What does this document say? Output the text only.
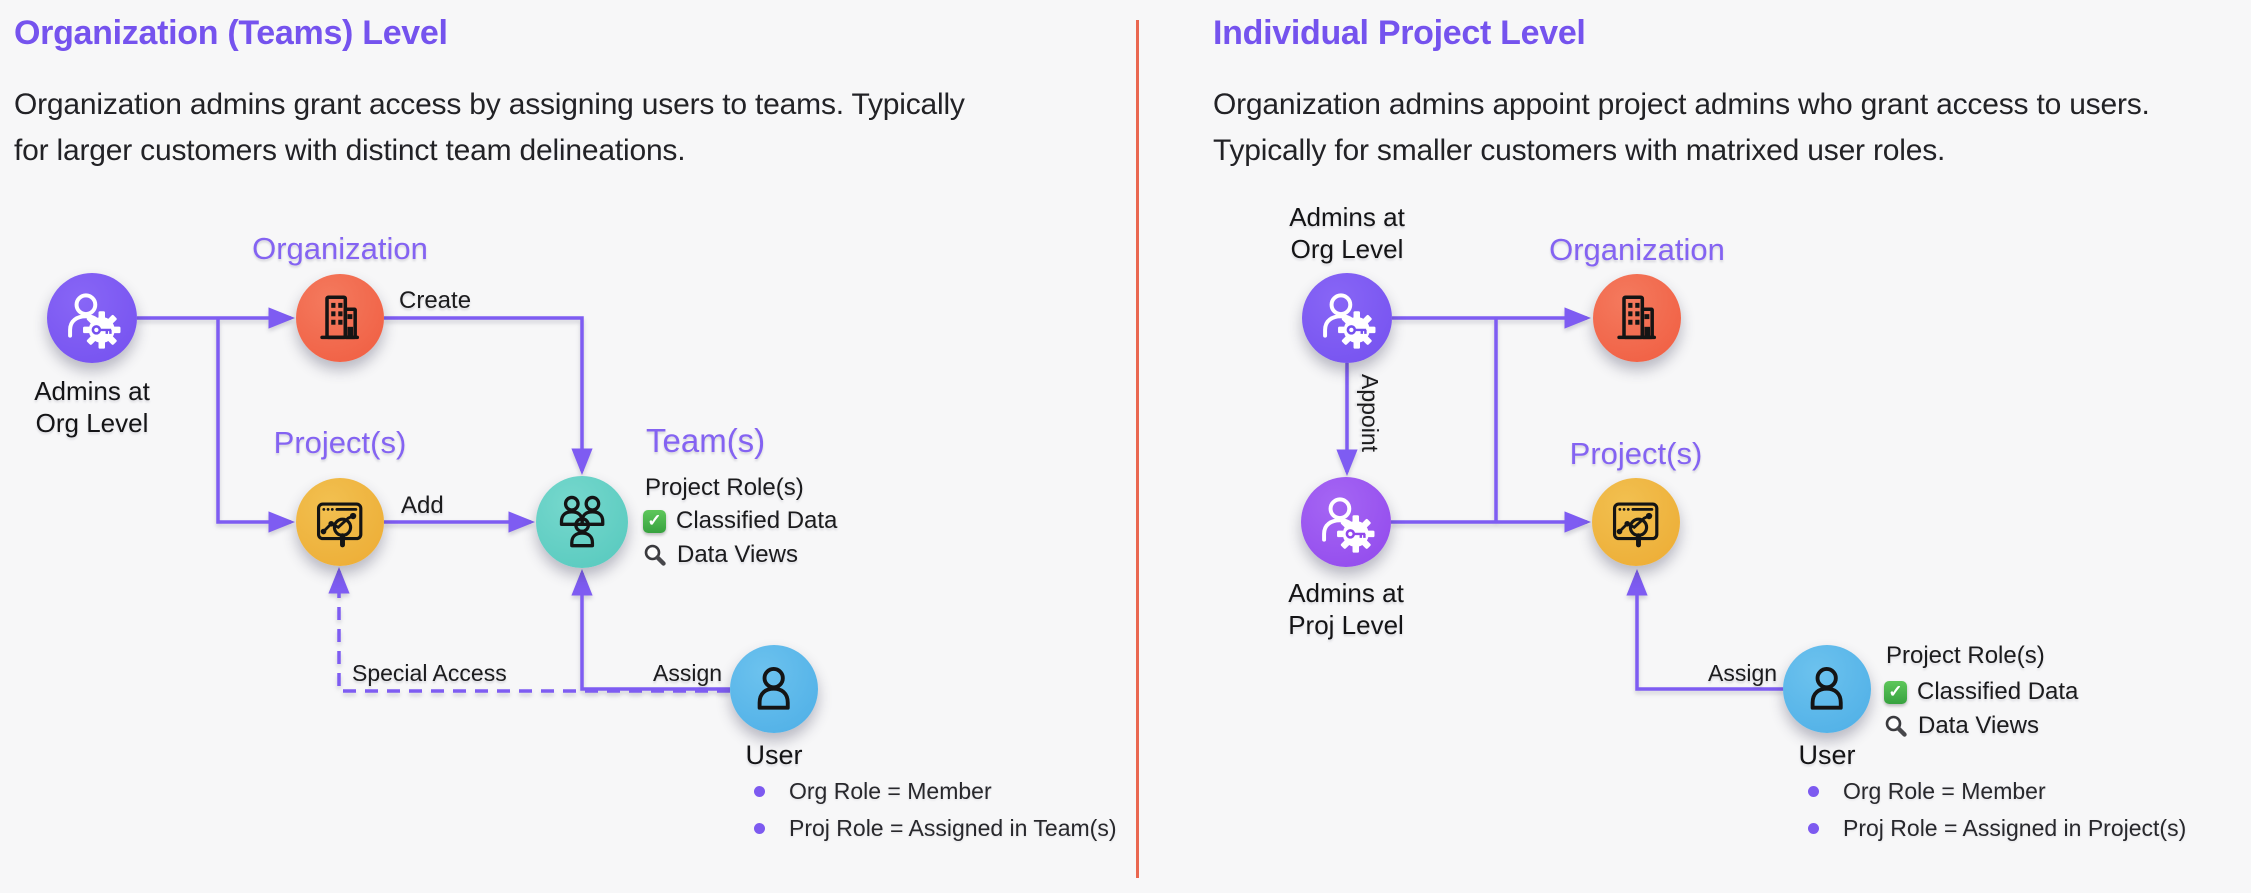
Organization (Teams) Level
Organization admins grant access by assigning users to teams. Typically
for larger customers with distinct team delineations.
Admins at
Org Level
Organization
Create
Project(s)
Add
Team(s)
Project Role(s)
✓ Classified Data
Data Views
Special Access	Assign
User
Org Role = Member
Proj Role = Assigned in Team(s)
Individual Project Level
Organization admins appoint project admins who grant access to users.
Typically for smaller customers with matrixed user roles.
Admins at
Org Level
Appoint
Organization
Admins at
Proj Level
Project(s)
Assign
User
Project Role(s)
✓ Classified Data
Data Views
Org Role = Member
Proj Role = Assigned in Project(s)
